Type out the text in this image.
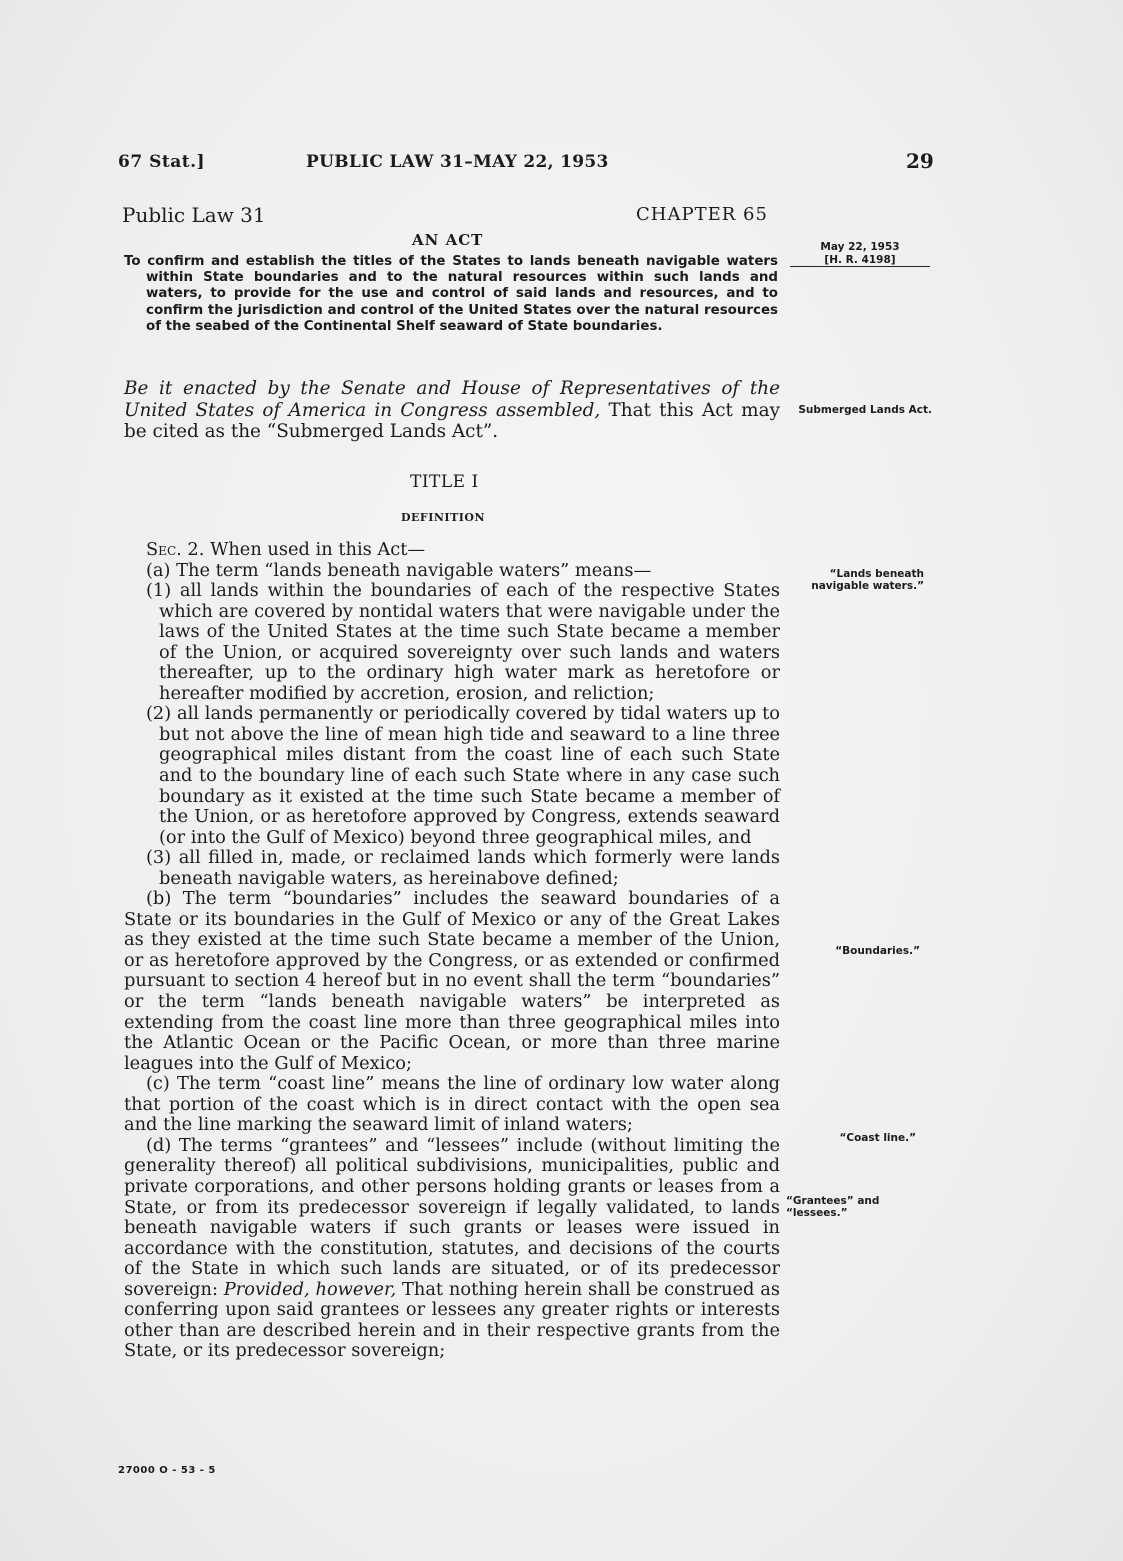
67 Stat.]	PUBLIC LAW 31–MAY 22, 1953	29
Public Law 31	CHAPTER 65
AN ACT
To confirm and establish the titles of the States to lands beneath navigable waters within State boundaries and to the natural resources within such lands and waters, to provide for the use and control of said lands and resources, and to confirm the jurisdiction and control of the United States over the natural resources of the seabed of the Continental Shelf seaward of State boundaries.
May 22, 1953
[H. R. 4198]
Be it enacted by the Senate and House of Representatives of the United States of America in Congress assembled, That this Act may be cited as the “Submerged Lands Act”.
Submerged Lands Act.
TITLE I
DEFINITION

Sec. 2. When used in this Act—

(a) The term “lands beneath navigable waters” means—

(1) all lands within the boundaries of each of the respective States which are covered by nontidal waters that were navigable under the laws of the United States at the time such State became a member of the Union, or acquired sovereignty over such lands and waters thereafter, up to the ordinary high water mark as heretofore or hereafter modified by accretion, erosion, and reliction;

(2) all lands permanently or periodically covered by tidal waters up to but not above the line of mean high tide and seaward to a line three geographical miles distant from the coast line of each such State and to the boundary line of each such State where in any case such boundary as it existed at the time such State became a member of the Union, or as heretofore approved by Congress, extends seaward (or into the Gulf of Mexico) beyond three geographical miles, and

(3) all filled in, made, or reclaimed lands which formerly were lands beneath navigable waters, as hereinabove defined;

(b) The term “boundaries” includes the seaward boundaries of a State or its boundaries in the Gulf of Mexico or any of the Great Lakes as they existed at the time such State became a member of the Union, or as heretofore approved by the Congress, or as extended or confirmed pursuant to section 4 hereof but in no event shall the term “boundaries” or the term “lands beneath navigable waters” be interpreted as extending from the coast line more than three geographical miles into the Atlantic Ocean or the Pacific Ocean, or more than three marine leagues into the Gulf of Mexico;

(c) The term “coast line” means the line of ordinary low water along that portion of the coast which is in direct contact with the open sea and the line marking the seaward limit of inland waters;

(d) The terms “grantees” and “lessees” include (without limiting the generality thereof) all political subdivisions, municipalities, public and private corporations, and other persons holding grants or leases from a State, or from its predecessor sovereign if legally validated, to lands beneath navigable waters if such grants or leases were issued in accordance with the constitution, statutes, and decisions of the courts of the State in which such lands are situated, or of its predecessor sovereign: Provided, however, That nothing herein shall be construed as conferring upon said grantees or lessees any greater rights or interests other than are described herein and in their respective grants from the State, or its predecessor sovereign;

“Lands beneath navigable waters.”
“Boundaries.”
“Coast line.”
“Grantees” and “lessees.”
27000 O - 53 - 5
